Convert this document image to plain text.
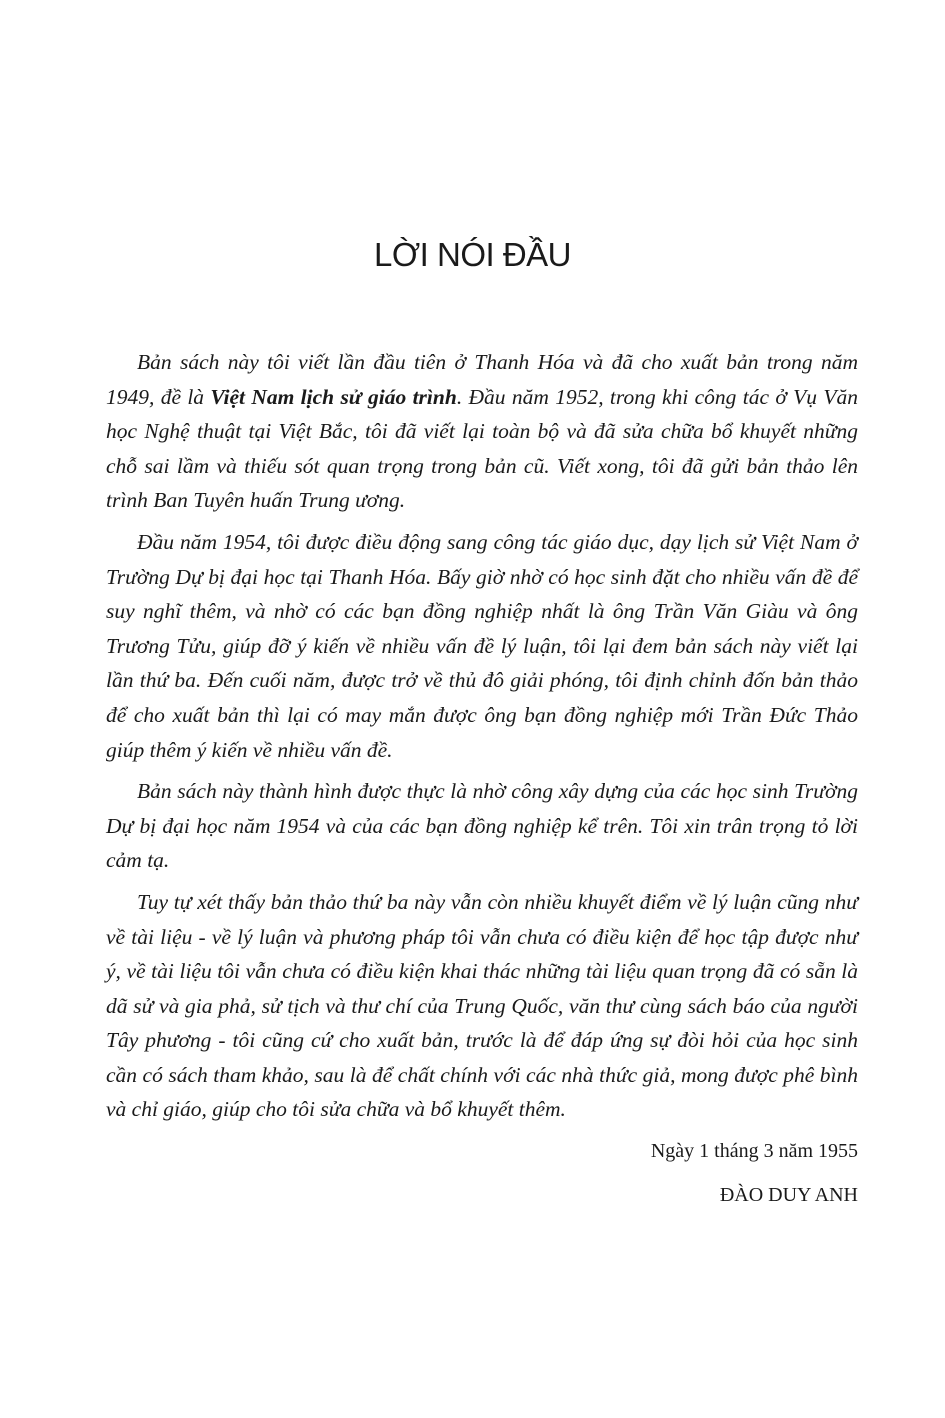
LỜI NÓI ĐẦU

Bản sách này tôi viết lần đầu tiên ở Thanh Hóa và đã cho xuất bản trong năm 1949, đề là Việt Nam lịch sử giáo trình. Đầu năm 1952, trong khi công tác ở Vụ Văn học Nghệ thuật tại Việt Bắc, tôi đã viết lại toàn bộ và đã sửa chữa bổ khuyết những chỗ sai lầm và thiếu sót quan trọng trong bản cũ. Viết xong, tôi đã gửi bản thảo lên trình Ban Tuyên huấn Trung ương.

Đầu năm 1954, tôi được điều động sang công tác giáo dục, dạy lịch sử Việt Nam ở Trường Dự bị đại học tại Thanh Hóa. Bấy giờ nhờ có học sinh đặt cho nhiều vấn đề để suy nghĩ thêm, và nhờ có các bạn đồng nghiệp nhất là ông Trần Văn Giàu và ông Trương Tửu, giúp đỡ ý kiến về nhiều vấn đề lý luận, tôi lại đem bản sách này viết lại lần thứ ba. Đến cuối năm, được trở về thủ đô giải phóng, tôi định chỉnh đốn bản thảo để cho xuất bản thì lại có may mắn được ông bạn đồng nghiệp mới Trần Đức Thảo giúp thêm ý kiến về nhiều vấn đề.

Bản sách này thành hình được thực là nhờ công xây dựng của các học sinh Trường Dự bị đại học năm 1954 và của các bạn đồng nghiệp kể trên. Tôi xin trân trọng tỏ lời cảm tạ.

Tuy tự xét thấy bản thảo thứ ba này vẫn còn nhiều khuyết điểm về lý luận cũng như về tài liệu - về lý luận và phương pháp tôi vẫn chưa có điều kiện để học tập được như ý, về tài liệu tôi vẫn chưa có điều kiện khai thác những tài liệu quan trọng đã có sẵn là dã sử và gia phả, sử tịch và thư chí của Trung Quốc, văn thư cùng sách báo của người Tây phương - tôi cũng cứ cho xuất bản, trước là để đáp ứng sự đòi hỏi của học sinh cần có sách tham khảo, sau là để chất chính với các nhà thức giả, mong được phê bình và chỉ giáo, giúp cho tôi sửa chữa và bổ khuyết thêm.

Ngày 1 tháng 3 năm 1955
ĐÀO DUY ANH
